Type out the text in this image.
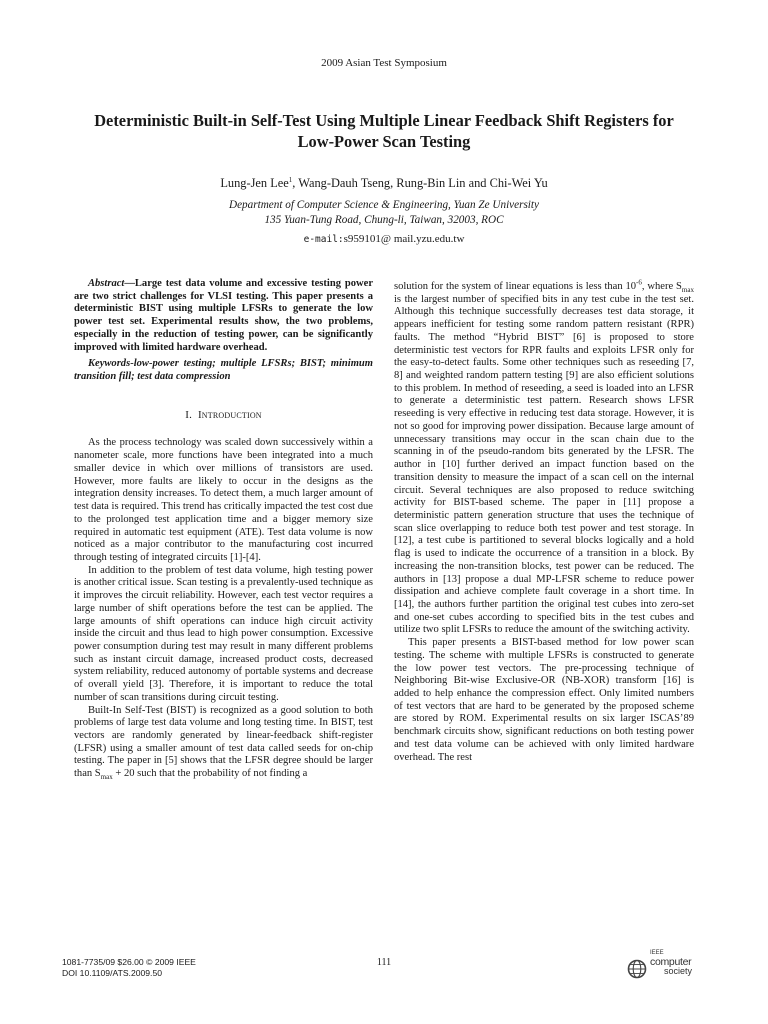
2009 Asian Test Symposium
Deterministic Built-in Self-Test Using Multiple Linear Feedback Shift Registers for
Low-Power Scan Testing
Lung-Jen Lee$^1$, Wang-Dauh Tseng, Rung-Bin Lin and Chi-Wei Yu
Department of Computer Science & Engineering, Yuan Ze University
135 Yuan-Tung Road, Chung-li, Taiwan, 32003, ROC
e-mail:s959101@ mail.yzu.edu.tw

Abstract—Large test data volume and excessive testing power are two strict challenges for VLSI testing. This paper presents a deterministic BIST using multiple LFSRs to generate the low power test set. Experimental results show, the two problems, especially in the reduction of testing power, can be significantly improved with limited hardware overhead.

Keywords-low-power testing; multiple LFSRs; BIST; minimum transition fill; test data compression

I. Introduction

As the process technology was scaled down successively within a nanometer scale, more functions have been integrated into a much smaller device in which over millions of transistors are used. However, more faults are likely to occur in the designs as the integration density increases. To detect them, a much larger amount of test data is required. This trend has critically impacted the test cost due to the prolonged test application time and a bigger memory size required in automatic test equipment (ATE). Test data volume is now noticed as a major contributor to the manufacturing cost incurred through testing of integrated circuits [1]-[4].

In addition to the problem of test data volume, high testing power is another critical issue. Scan testing is a prevalently-used technique as it improves the circuit reliability. However, each test vector requires a large number of shift operations before the test can be applied. The large amounts of shift operations can induce high circuit activity inside the circuit and thus lead to high power consumption. Excessive power consumption during test may result in many different problems such as instant circuit damage, increased product costs, decreased system reliability, reduced autonomy of portable systems and decrease of overall yield [3]. Therefore, it is important to reduce the total number of scan transitions during circuit testing.

Built-In Self-Test (BIST) is recognized as a good solution to both problems of large test data volume and long testing time. In BIST, test vectors are randomly generated by linear-feedback shift-register (LFSR) using a smaller amount of test data called seeds for on-chip testing. The paper in [5] shows that the LFSR degree should be larger than $S_{max} + 20$ such that the probability of not finding a

solution for the system of linear equations is less than $10^{-6}$, where $S_{max}$ is the largest number of specified bits in any test cube in the test set. Although this technique successfully decreases test data storage, it appears inefficient for testing some random pattern resistant (RPR) faults. The method “Hybrid BIST” [6] is proposed to store deterministic test vectors for RPR faults and exploits LFSR only for the easy-to-detect faults. Some other techniques such as reseeding [7, 8] and weighted random pattern testing [9] are also efficient solutions to this problem. In method of reseeding, a seed is loaded into an LFSR to generate a deterministic test pattern. Research shows LFSR reseeding is very effective in reducing test data storage. However, it is not so good for improving power dissipation. Because large amount of unnecessary transitions may occur in the scan chain due to the scanning in of the pseudo-random bits generated by the LFSR. The author in [10] further derived an impact function based on the transition density to measure the impact of a scan cell on the internal circuit. Several techniques are also proposed to reduce switching activity for BIST-based scheme. The paper in [11] propose a deterministic pattern generation structure that uses the technique of scan slice overlapping to reduce both test power and test storage. In [12], a test cube is partitioned to several blocks logically and a hold flag is used to indicate the occurrence of a transition in a block. By increasing the non-transition blocks, test power can be reduced. The authors in [13] propose a dual MP-LFSR scheme to reduce power dissipation and achieve complete fault coverage in a short time. In [14], the authors further partition the original test cubes into zero-set and one-set cubes according to specified bits in the test cubes and utilize two split LFSRs to reduce the amount of the switching activity.

This paper presents a BIST-based method for low power scan testing. The scheme with multiple LFSRs is constructed to generate the low power test vectors. The pre-processing technique of Neighboring Bit-wise Exclusive-OR (NB-XOR) transform [16] is added to help enhance the compression effect. Only limited numbers of test vectors that are hard to be generated by the proposed scheme are stored by ROM. Experimental results on six larger ISCAS’89 benchmark circuits show, significant reductions on both testing power and test data volume can be achieved with only limited hardware overhead. The rest

1081-7735/09 $26.00 © 2009 IEEE
DOI 10.1109/ATS.2009.50
111
IEEE
computer
society
